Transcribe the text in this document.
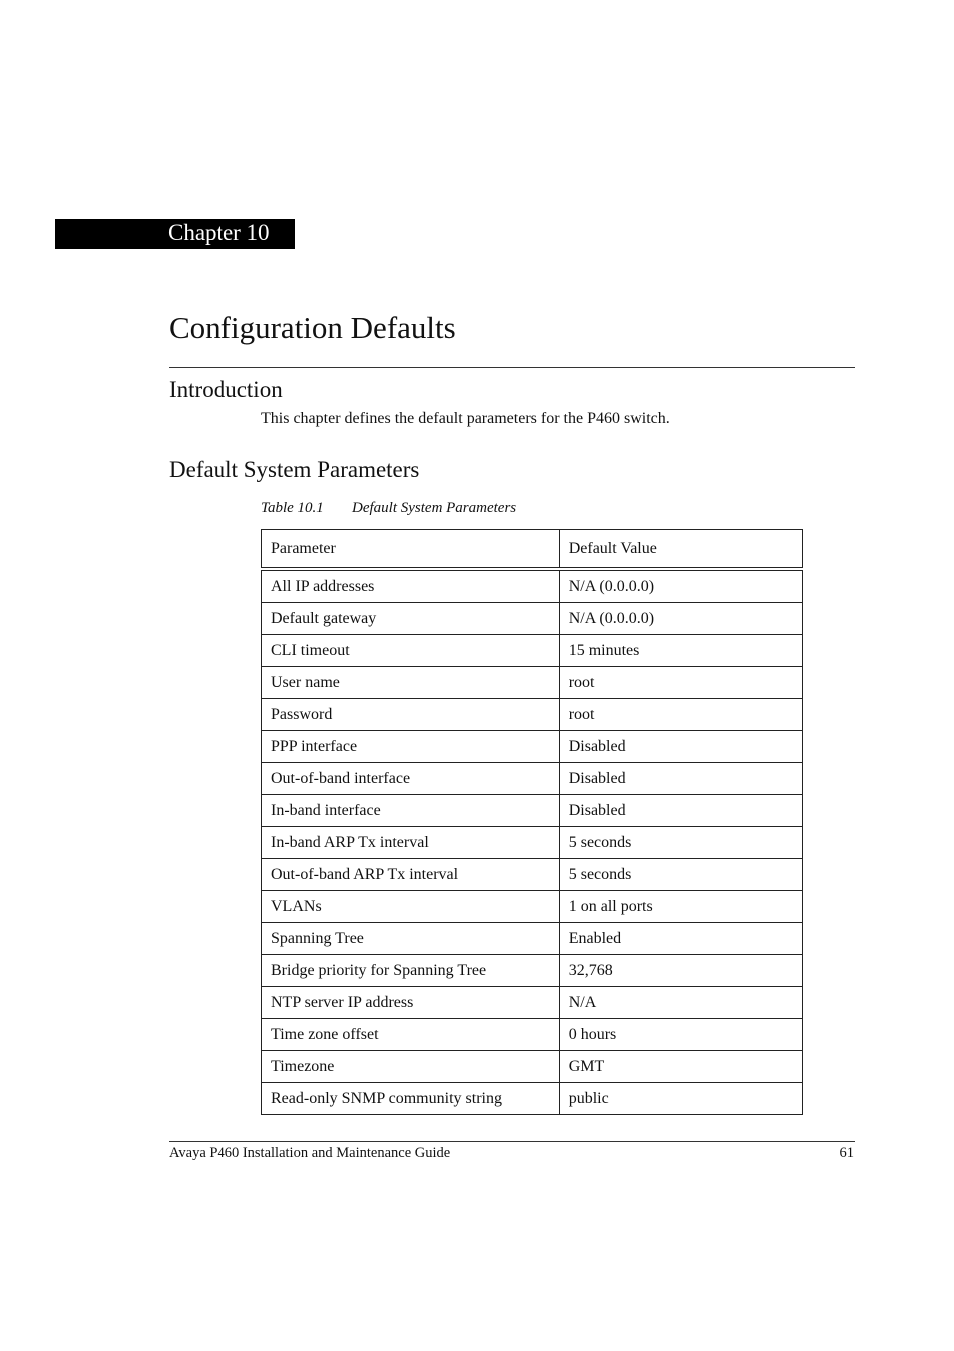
Chapter 10
Configuration Defaults
Introduction

This chapter defines the default parameters for the P460 switch.

Default System Parameters
Table 10.1 Default System Parameters
Parameter	Default Value
All IP addresses	N/A (0.0.0.0)
Default gateway	N/A (0.0.0.0)
CLI timeout	15 minutes
User name	root
Password	root
PPP interface	Disabled
Out-of-band interface	Disabled
In-band interface	Disabled
In-band ARP Tx interval	5 seconds
Out-of-band ARP Tx interval	5 seconds
VLANs	1 on all ports
Spanning Tree	Enabled
Bridge priority for Spanning Tree	32,768
NTP server IP address	N/A
Time zone offset	0 hours
Timezone	GMT
Read-only SNMP community string	public
Avaya P460 Installation and Maintenance Guide	61
